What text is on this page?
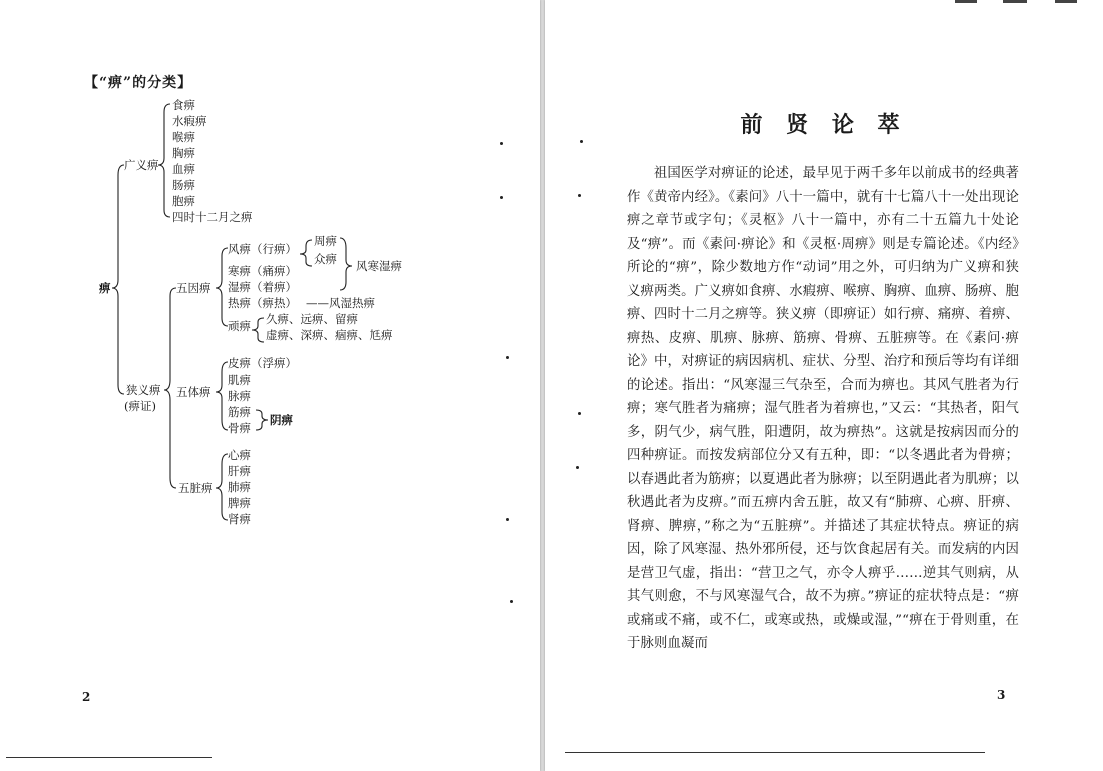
【“痹”的分类】
痹
广义痹
食痹
水瘕痹
喉痹
胸痹
血痹
肠痹
胞痹
四时十二月之痹
狭义痹
(痹证)
五因痹
风痹（行痹）
寒痹（痛痹）
湿痹（着痹）
热痹（痹热）
顽痹
周痹
众痹 风寒湿痹
——风湿热痹
久痹、远痹、留痹
虚痹、深痹、痼痹、尪痹
五体痹
皮痹（浮痹）
肌痹
脉痹
筋痹
骨痹
阴痹
五脏痹
心痹
肝痹
肺痹
脾痹
肾痹
2
前 贤 论 萃

祖国医学对痹证的论述，最早见于两千多年以前成书的经典著作《黄帝内经》。《素问》八十一篇中，就有十七篇八十一处出现论痹之章节或字句；《灵枢》八十一篇中，亦有二十五篇九十处论及“痹”。而《素问·痹论》和《灵枢·周痹》则是专篇论述。《内经》所论的“痹”，除少数地方作“动词”用之外，可归纳为广义痹和狭义痹两类。广义痹如食痹、水瘕痹、喉痹、胸痹、血痹、肠痹、胞痹、四时十二月之痹等。狭义痹（即痹证）如行痹、痛痹、着痹、痹热、皮痹、肌痹、脉痹、筋痹、骨痹、五脏痹等。在《素问·痹论》中，对痹证的病因病机、症状、分型、治疗和预后等均有详细的论述。指出：“风寒湿三气杂至，合而为痹也。其风气胜者为行痹；寒气胜者为痛痹；湿气胜者为着痹也，”又云：“其热者，阳气多，阴气少，病气胜，阳遭阴，故为痹热”。这就是按病因而分的四种痹证。而按发病部位分又有五种，即：“以冬遇此者为骨痹；以春遇此者为筋痹；以夏遇此者为脉痹；以至阴遇此者为肌痹；以秋遇此者为皮痹。”而五痹内舍五脏，故又有“肺痹、心痹、肝痹、肾痹、脾痹，”称之为“五脏痹”。并描述了其症状特点。痹证的病因，除了风寒湿、热外邪所侵，还与饮食起居有关。而发病的内因是营卫气虚，指出：“营卫之气，亦令人痹乎……逆其气则病，从其气则愈，不与风寒湿气合，故不为痹。”痹证的症状特点是：“痹或痛或不痛，或不仁，或寒或热，或燥或湿，”“痹在于骨则重，在于脉则血凝而

3
